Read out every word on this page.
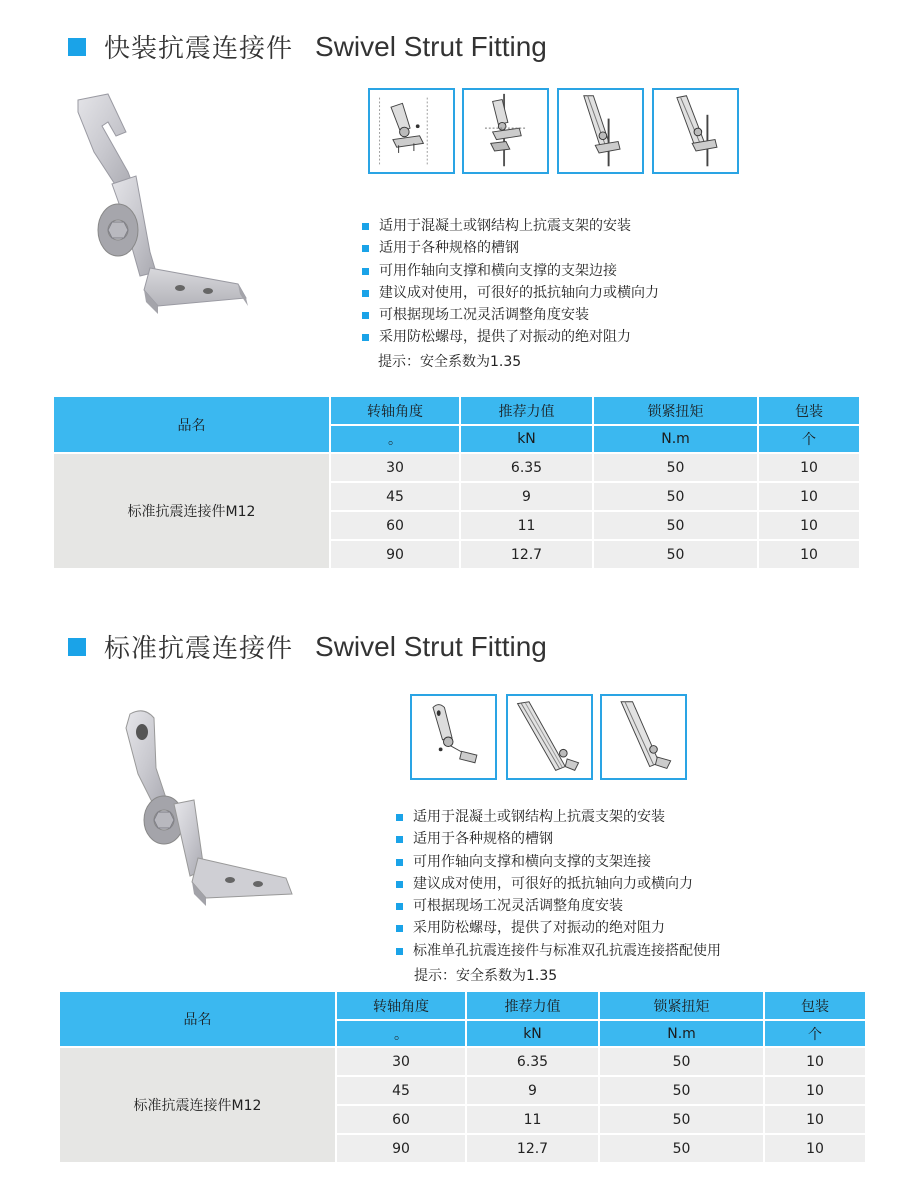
快装抗震连接件 Swivel Strut Fitting
适用于混凝土或钢结构上抗震支架的安装
适用于各种规格的槽钢
可用作轴向支撑和横向支撑的支架边接
建议成对使用，可很好的抵抗轴向力或横向力
可根据现场工况灵活调整角度安装
采用防松螺母，提供了对振动的绝对阻力
提示：安全系数为1.35
品名	转轴角度	推荐力值	锁紧扭矩	包装
	。	kN	N.m	个
标准抗震连接件M12	30	6.35	50	10
	45	9	50	10
	60	11	50	10
	90	12.7	50	10
标准抗震连接件 Swivel Strut Fitting
适用于混凝土或钢结构上抗震支架的安装
适用于各种规格的槽钢
可用作轴向支撑和横向支撑的支架连接
建议成对使用，可很好的抵抗轴向力或横向力
可根据现场工况灵活调整角度安装
采用防松螺母，提供了对振动的绝对阻力
标准单孔抗震连接件与标准双孔抗震连接搭配使用
提示：安全系数为1.35
品名	转轴角度	推荐力值	锁紧扭矩	包装
	。	kN	N.m	个
标准抗震连接件M12	30	6.35	50	10
	45	9	50	10
	60	11	50	10
	90	12.7	50	10
